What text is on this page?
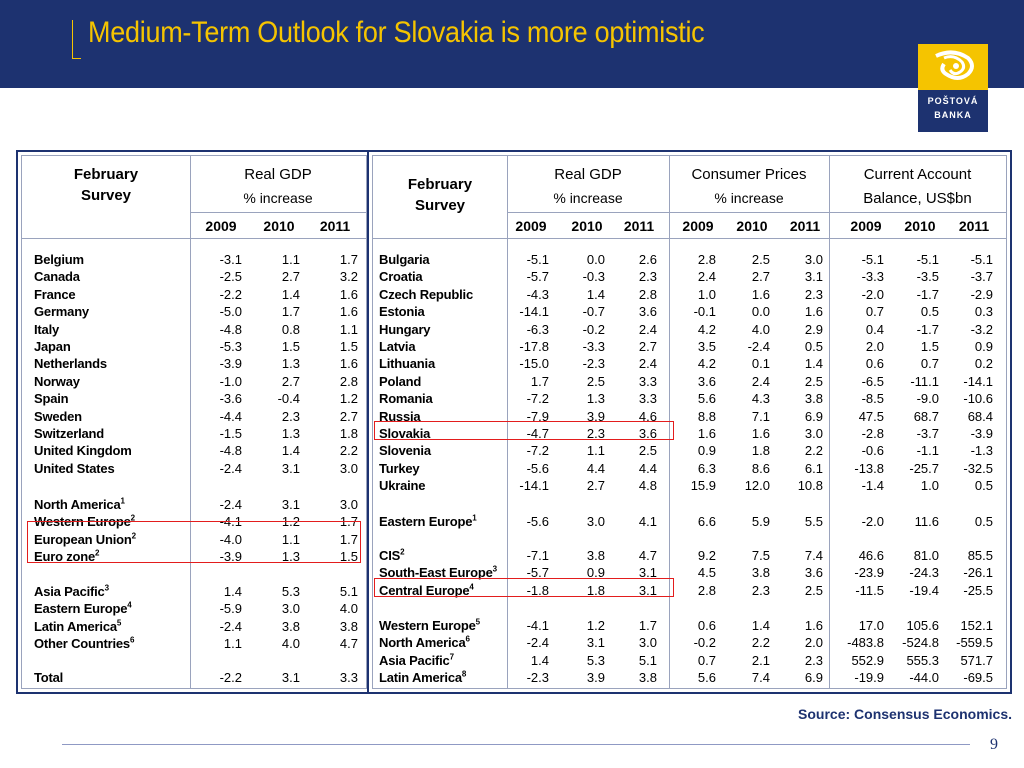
Medium-Term Outlook for Slovakia is more optimistic
POŠTOVÁ
BANKA
February
Survey
Real GDP
% increase
2009	2010	2011
Belgium	-3.1	1.1	1.7
Canada	-2.5	2.7	3.2
France	-2.2	1.4	1.6
Germany	-5.0	1.7	1.6
Italy	-4.8	0.8	1.1
Japan	-5.3	1.5	1.5
Netherlands	-3.9	1.3	1.6
Norway	-1.0	2.7	2.8
Spain	-3.6	-0.4	1.2
Sweden	-4.4	2.3	2.7
Switzerland	-1.5	1.3	1.8
United Kingdom	-4.8	1.4	2.2
United States	-2.4	3.1	3.0
North America$^1$	-2.4	3.1	3.0
Western Europe$^2$	-4.1	1.2	1.7
European Union$^2$	-4.0	1.1	1.7
Euro zone$^2$	-3.9	1.3	1.5
Asia Pacific$^3$	1.4	5.3	5.1
Eastern Europe$^4$	-5.9	3.0	4.0
Latin America$^5$	-2.4	3.8	3.8
Other Countries$^6$	1.1	4.0	4.7
Total	-2.2	3.1	3.3
February
Survey
Real GDP
% increase
Consumer Prices
% increase
Current Account
Balance, US$bn
2009	2010	2011	2009	2010	2011	2009	2010	2011
Bulgaria	-5.1	0.0	2.6	2.8	2.5	3.0	-5.1	-5.1	-5.1
Croatia	-5.7	-0.3	2.3	2.4	2.7	3.1	-3.3	-3.5	-3.7
Czech Republic	-4.3	1.4	2.8	1.0	1.6	2.3	-2.0	-1.7	-2.9
Estonia	-14.1	-0.7	3.6	-0.1	0.0	1.6	0.7	0.5	0.3
Hungary	-6.3	-0.2	2.4	4.2	4.0	2.9	0.4	-1.7	-3.2
Latvia	-17.8	-3.3	2.7	3.5	-2.4	0.5	2.0	1.5	0.9
Lithuania	-15.0	-2.3	2.4	4.2	0.1	1.4	0.6	0.7	0.2
Poland	1.7	2.5	3.3	3.6	2.4	2.5	-6.5	-11.1	-14.1
Romania	-7.2	1.3	3.3	5.6	4.3	3.8	-8.5	-9.0	-10.6
Russia	-7.9	3.9	4.6	8.8	7.1	6.9	47.5	68.7	68.4
Slovakia	-4.7	2.3	3.6	1.6	1.6	3.0	-2.8	-3.7	-3.9
Slovenia	-7.2	1.1	2.5	0.9	1.8	2.2	-0.6	-1.1	-1.3
Turkey	-5.6	4.4	4.4	6.3	8.6	6.1	-13.8	-25.7	-32.5
Ukraine	-14.1	2.7	4.8	15.9	12.0	10.8	-1.4	1.0	0.5
Eastern Europe$^1$	-5.6	3.0	4.1	6.6	5.9	5.5	-2.0	11.6	0.5
CIS$^2$	-7.1	3.8	4.7	9.2	7.5	7.4	46.6	81.0	85.5
South-East Europe$^3$	-5.7	0.9	3.1	4.5	3.8	3.6	-23.9	-24.3	-26.1
Central Europe$^4$	-1.8	1.8	3.1	2.8	2.3	2.5	-11.5	-19.4	-25.5
Western Europe$^5$	-4.1	1.2	1.7	0.6	1.4	1.6	17.0	105.6	152.1
North America$^6$	-2.4	3.1	3.0	-0.2	2.2	2.0	-483.8	-524.8	-559.5
Asia Pacific$^7$	1.4	5.3	5.1	0.7	2.1	2.3	552.9	555.3	571.7
Latin America$^8$	-2.3	3.9	3.8	5.6	7.4	6.9	-19.9	-44.0	-69.5
Source: Consensus Economics.
9
